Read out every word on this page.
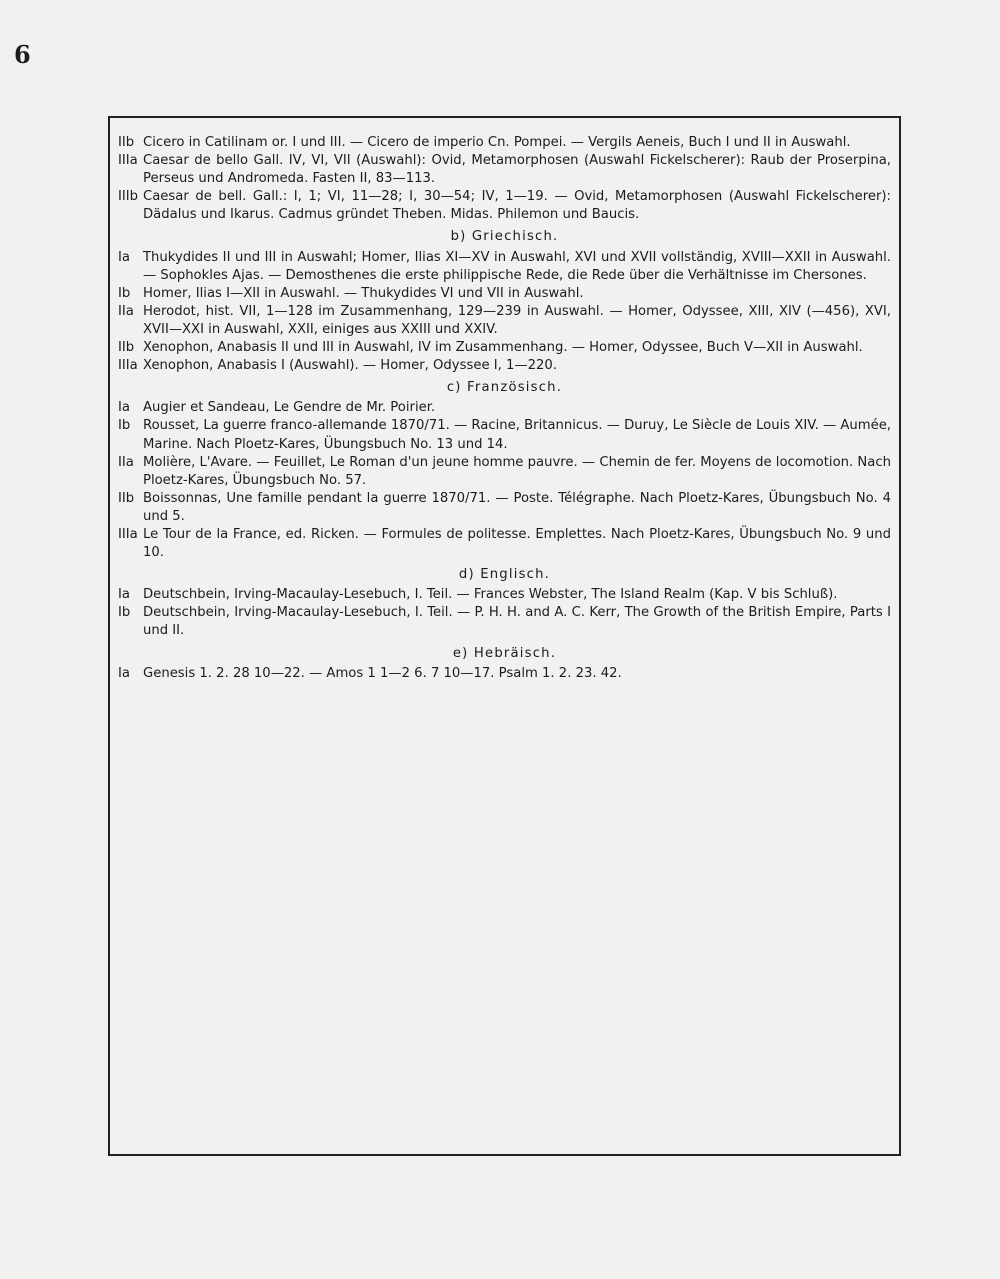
6
IIb Cicero in Catilinam or. I und III. — Cicero de imperio Cn. Pompei. — Vergils Aeneis, Buch I und II in Auswahl.
IIIa Caesar de bello Gall. IV, VI, VII (Auswahl): Ovid, Metamorphosen (Auswahl Fickelscherer): Raub der Proserpina, Perseus und Andromeda. Fasten II, 83—113.
IIIb Caesar de bell. Gall.: I, 1; VI, 11—28; I, 30—54; IV, 1—19. — Ovid, Metamorphosen (Auswahl Fickelscherer): Dädalus und Ikarus. Cadmus gründet Theben. Midas. Philemon und Baucis.
b) Griechisch.
Ia Thukydides II und III in Auswahl; Homer, Ilias XI—XV in Auswahl, XVI und XVII vollständig, XVIII—XXII in Auswahl. — Sophokles Ajas. — Demosthenes die erste philippische Rede, die Rede über die Verhältnisse im Chersones.
Ib Homer, Ilias I—XII in Auswahl. — Thukydides VI und VII in Auswahl.
IIa Herodot, hist. VII, 1—128 im Zusammenhang, 129—239 in Auswahl. — Homer, Odyssee, XIII, XIV (—456), XVI, XVII—XXI in Auswahl, XXII, einiges aus XXIII und XXIV.
IIb Xenophon, Anabasis II und III in Auswahl, IV im Zusammenhang. — Homer, Odyssee, Buch V—XII in Auswahl.
IIIa Xenophon, Anabasis I (Auswahl). — Homer, Odyssee I, 1—220.
c) Französisch.
Ia Augier et Sandeau, Le Gendre de Mr. Poirier.
Ib Rousset, La guerre franco-allemande 1870/71. — Racine, Britannicus. — Duruy, Le Siècle de Louis XIV. — Aumée, Marine. Nach Ploetz-Kares, Übungsbuch No. 13 und 14.
IIa Molière, L'Avare. — Feuillet, Le Roman d'un jeune homme pauvre. — Chemin de fer. Moyens de locomotion. Nach Ploetz-Kares, Übungsbuch No. 57.
IIb Boissonnas, Une famille pendant la guerre 1870/71. — Poste. Télégraphe. Nach Ploetz-Kares, Übungsbuch No. 4 und 5.
IIIa Le Tour de la France, ed. Ricken. — Formules de politesse. Emplettes. Nach Ploetz-Kares, Übungsbuch No. 9 und 10.
d) Englisch.
Ia Deutschbein, Irving-Macaulay-Lesebuch, I. Teil. — Frances Webster, The Island Realm (Kap. V bis Schluß).
Ib Deutschbein, Irving-Macaulay-Lesebuch, I. Teil. — P. H. H. and A. C. Kerr, The Growth of the British Empire, Parts I und II.
e) Hebräisch.
Ia Genesis 1. 2. 28 10—22. — Amos 1 1—2 6. 7 10—17. Psalm 1. 2. 23. 42.
